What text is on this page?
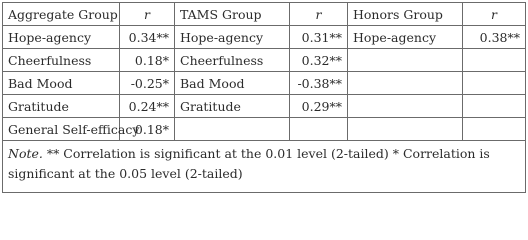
Aggregate Group	r	TAMS Group	r	Honors Group	r
Hope-agency	0.34**	Hope-agency	0.31**	Hope-agency	0.38**
Cheerfulness	0.18*	Cheerfulness	0.32**		
Bad Mood	-0.25*	Bad Mood	-0.38**		
Gratitude	0.24**	Gratitude	0.29**		
General Self-efficacy	0.18*				
Note. ** Correlation is significant at the 0.01 level (2-tailed) * Correlation is significant at the 0.05 level (2-tailed)					
